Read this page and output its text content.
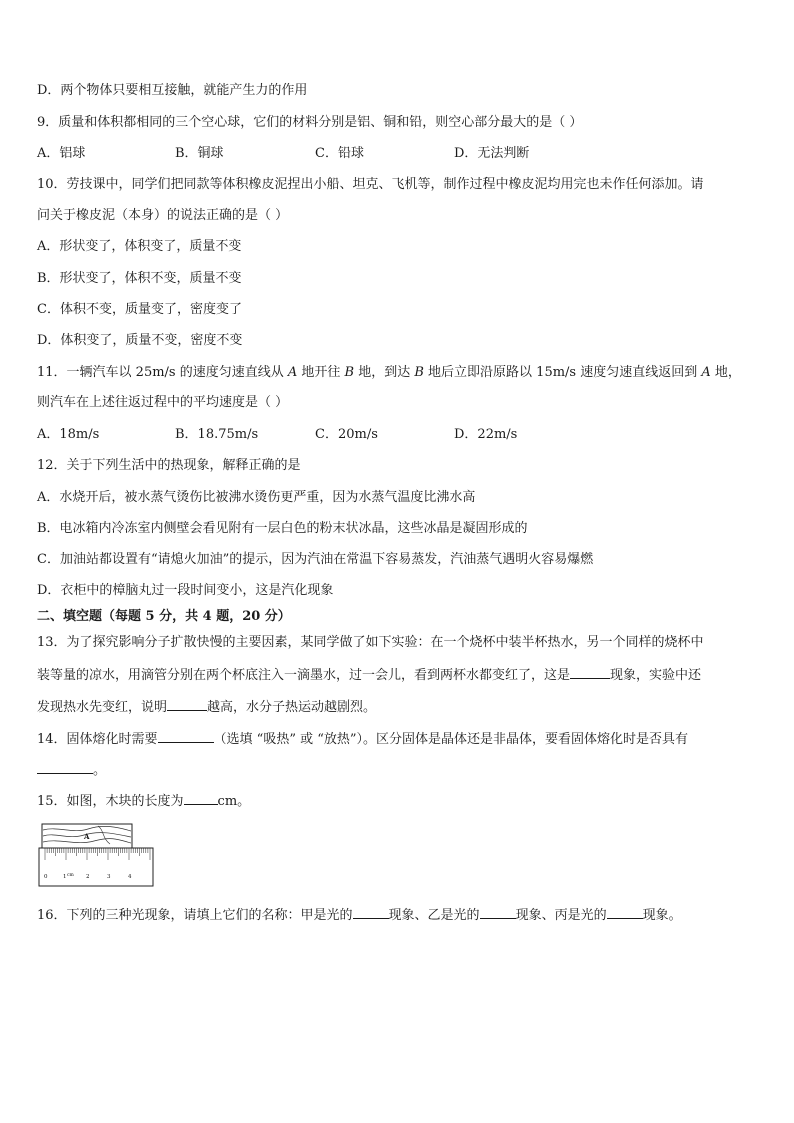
D．两个物体只要相互接触，就能产生力的作用
9．质量和体积都相同的三个空心球，它们的材料分别是铝、铜和铅，则空心部分最大的是（ ）
A．铝球	B．铜球	C．铅球	D．无法判断
10．劳技课中，同学们把同款等体积橡皮泥捏出小船、坦克、飞机等，制作过程中橡皮泥均用完也未作任何添加。请
问关于橡皮泥（本身）的说法正确的是（ ）
A．形状变了，体积变了，质量不变
B．形状变了，体积不变，质量不变
C．体积不变，质量变了，密度变了
D．体积变了，质量不变，密度不变
11．一辆汽车以 25m/s 的速度匀速直线从 A 地开往 B 地，到达 B 地后立即沿原路以 15m/s 速度匀速直线返回到 A 地，
则汽车在上述往返过程中的平均速度是（ ）
A．18m/s	B．18.75m/s	C．20m/s	D．22m/s
12．关于下列生活中的热现象，解释正确的是
A．水烧开后，被水蒸气烫伤比被沸水烫伤更严重，因为水蒸气温度比沸水高
B．电冰箱内冷冻室内侧壁会看见附有一层白色的粉末状冰晶，这些冰晶是凝固形成的
C．加油站都设置有“请熄火加油”的提示，因为汽油在常温下容易蒸发，汽油蒸气遇明火容易爆燃
D．衣柜中的樟脑丸过一段时间变小，这是汽化现象
二、填空题（每题 5 分，共 4 题，20 分）
13．为了探究影响分子扩散快慢的主要因素，某同学做了如下实验：在一个烧杯中装半杯热水，另一个同样的烧杯中
装等量的凉水，用滴管分别在两个杯底注入一滴墨水，过一会儿，看到两杯水都变红了，这是	现象，实验中还
发现热水先变红，说明	越高，水分子热运动越剧烈。
14．固体熔化时需要	（选填 “吸热” 或 “放热”）。区分固体是晶体还是非晶体，要看固体熔化时是否具有
。
15．如图，木块的长度为	cm。
A
0	1 cm 2	3	4
16．下列的三种光现象，请填上它们的名称：甲是光的	现象、乙是光的	现象、丙是光的	现象。
